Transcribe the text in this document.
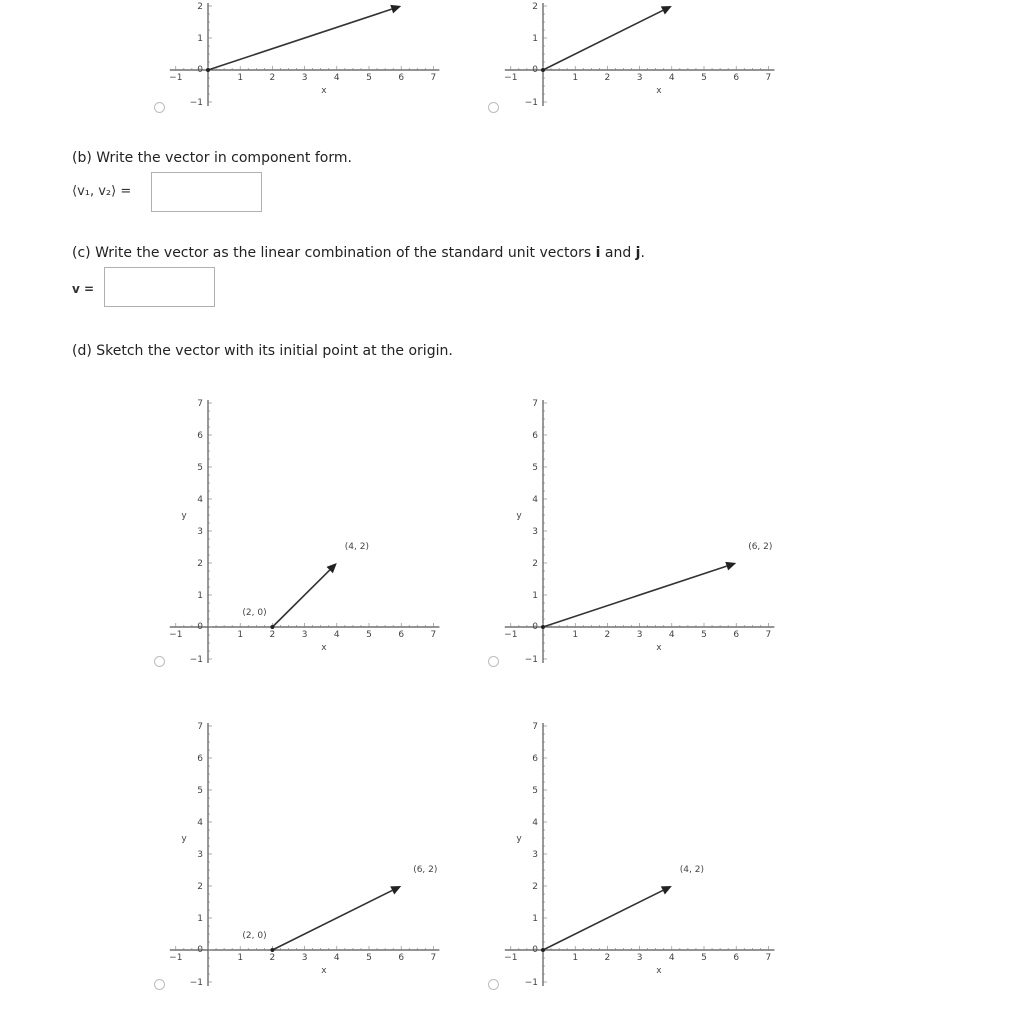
−1	1	2	3	4	5	6	7
−1
1
2
0
x
−1	1	2	3	4	5	6	7
−1
1
2
0
x
(b) Write the vector in component form.
⟨v₁, v₂⟩ =
(c) Write the vector as the linear combination of the standard unit vectors i and j.
v =
(d) Sketch the vector with its initial point at the origin.
−1	1	2	3	4	5	6	7
−1
1
2
3
4
5
6
7
0
x
y
(2, 0)
(4, 2)
−1	1	2	3	4	5	6	7
−1
1
2
3
4
5
6
7
0
x
y
(6, 2)
−1	1	2	3	4	5	6	7
−1
1
2
3
4
5
6
7
0
x
y
(2, 0)
(6, 2)
−1	1	2	3	4	5	6	7
−1
1
2
3
4
5
6
7
0
x
y
(4, 2)
